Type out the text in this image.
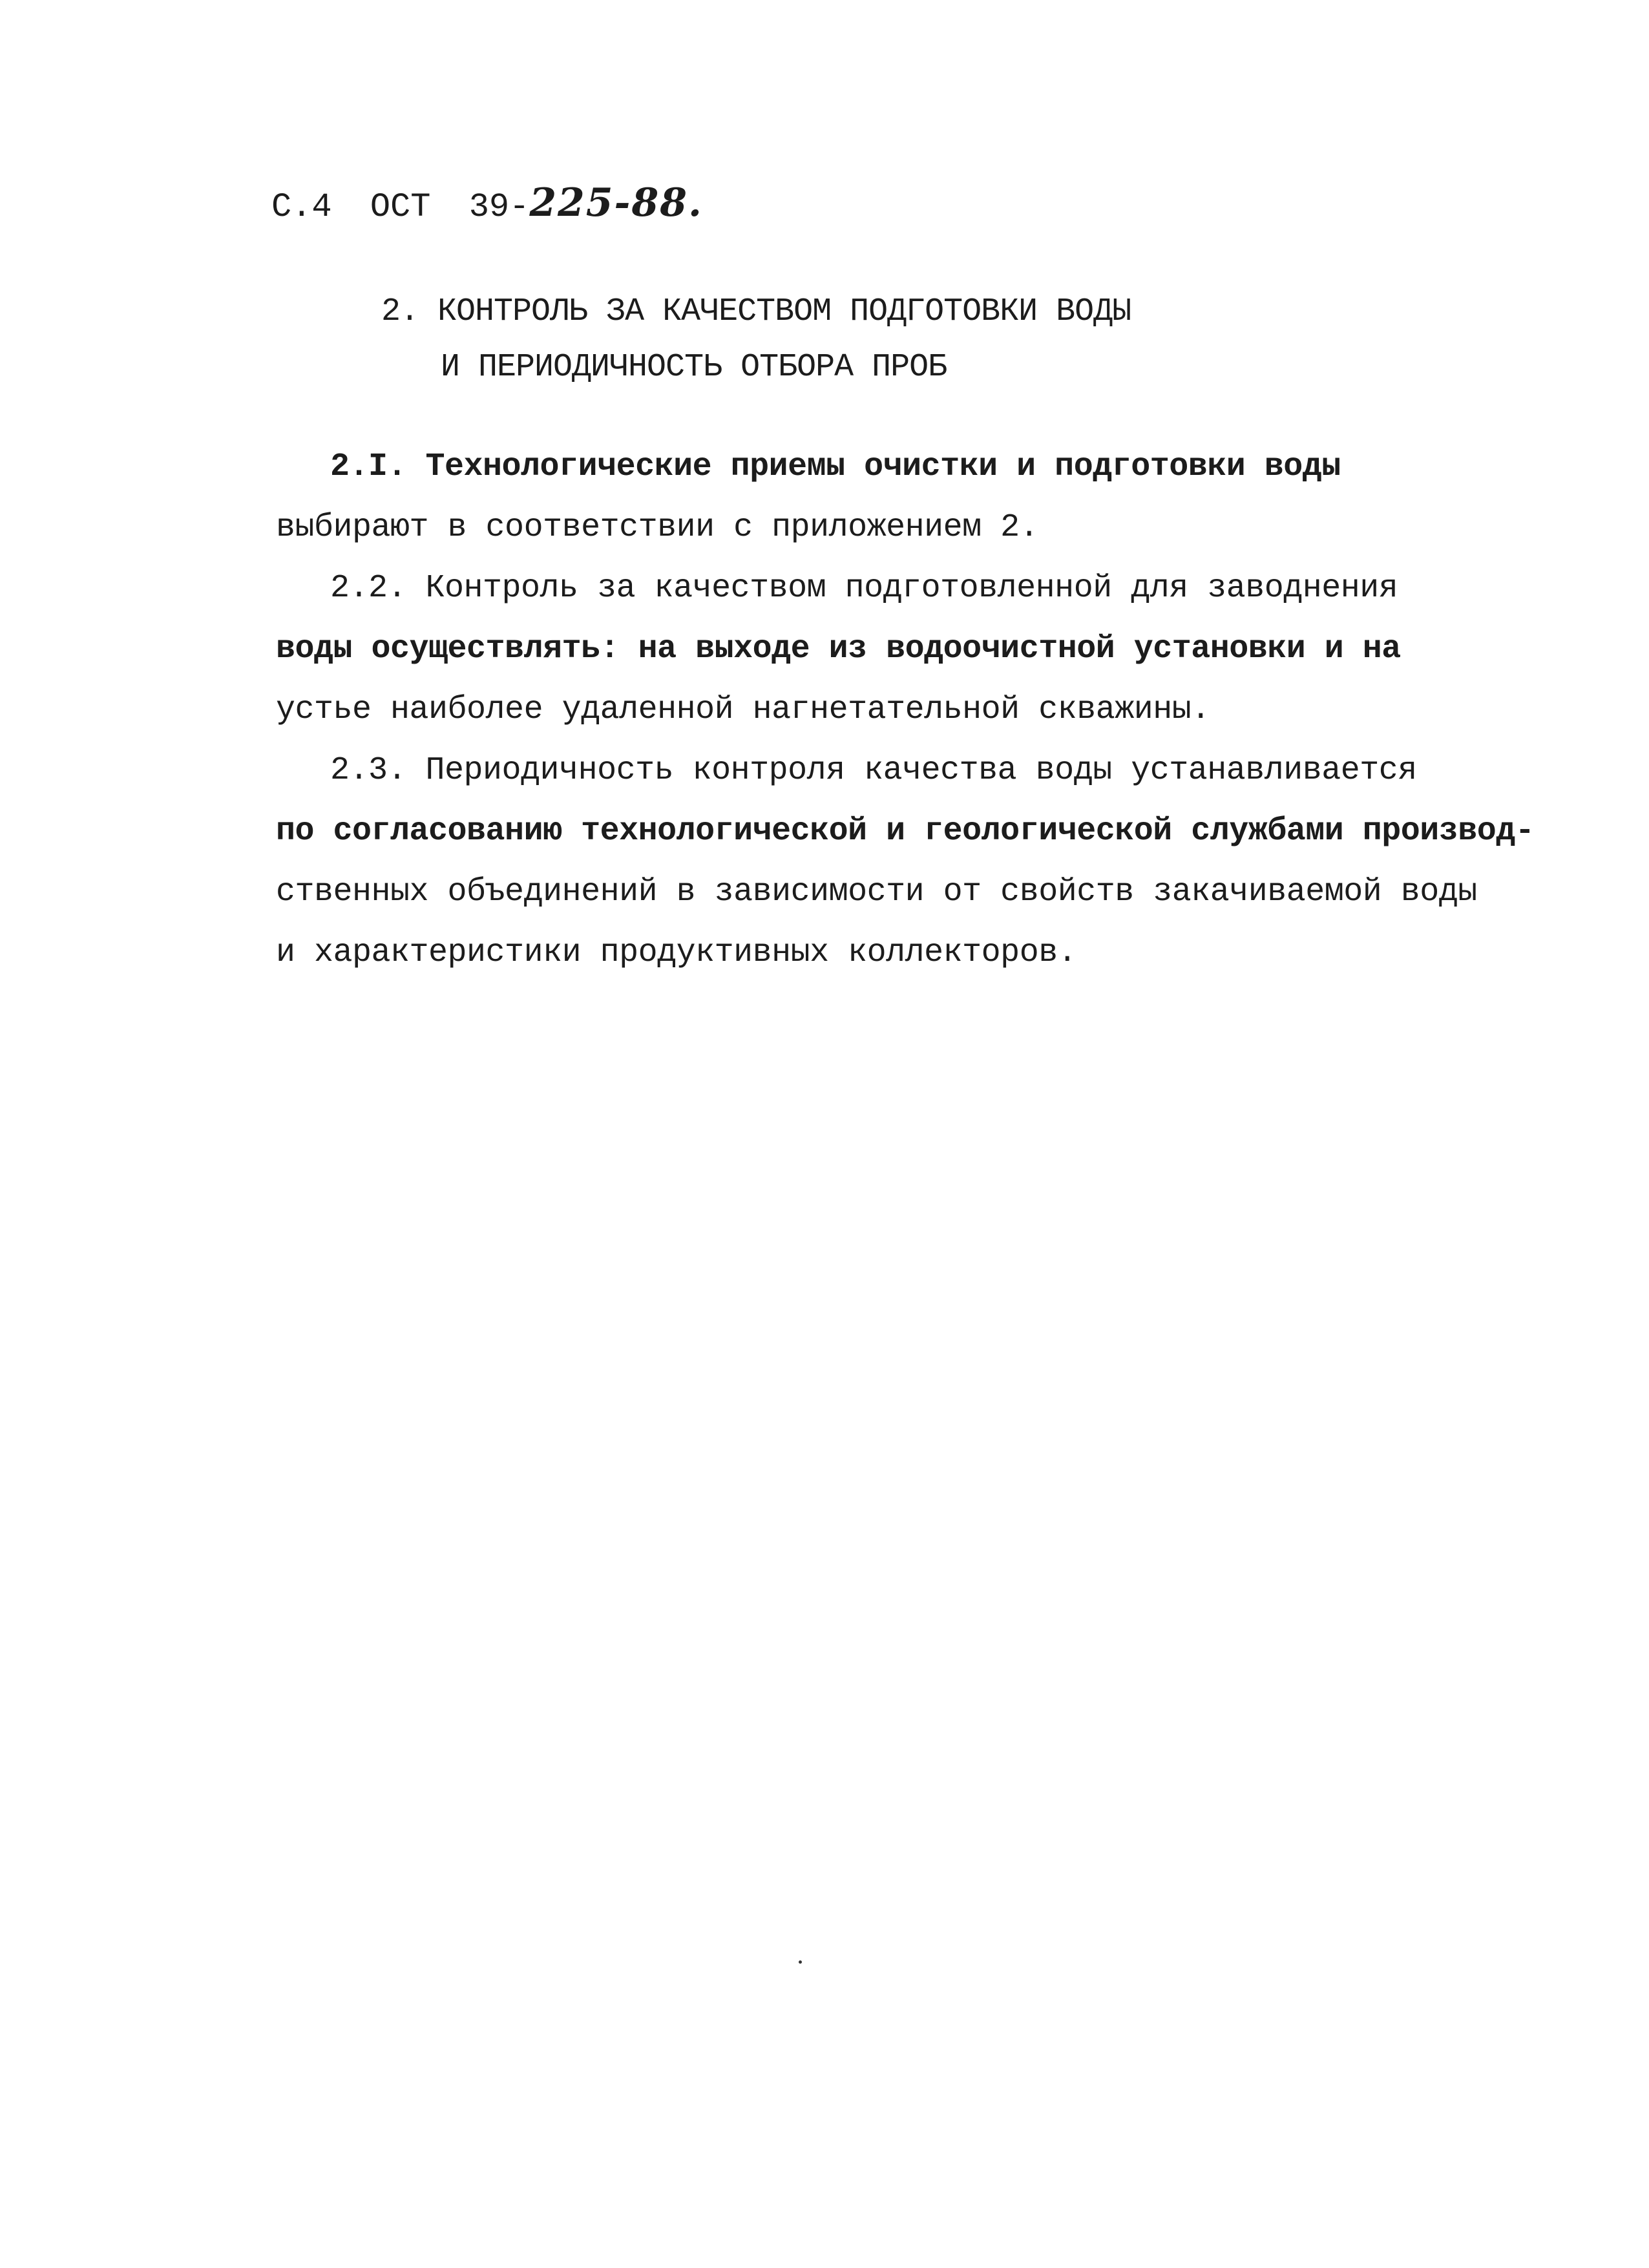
С.4 ОСТ 39-225-88.
2. КОНТРОЛЬ ЗА КАЧЕСТВОМ ПОДГОТОВКИ ВОДЫ
И ПЕРИОДИЧНОСТЬ ОТБОРА ПРОБ

2.I. Технологические приемы очистки и подготовки воды
выбирают в соответствии с приложением 2.

2.2. Контроль за качеством подготовленной для заводнения
воды осуществлять: на выходе из водоочистной установки и на
устье наиболее удаленной нагнетательной скважины.

2.3. Периодичность контроля качества воды устанавливается
по согласованию технологической и геологической службами производ-
ственных объединений в зависимости от свойств закачиваемой воды
и характеристики продуктивных коллекторов.
